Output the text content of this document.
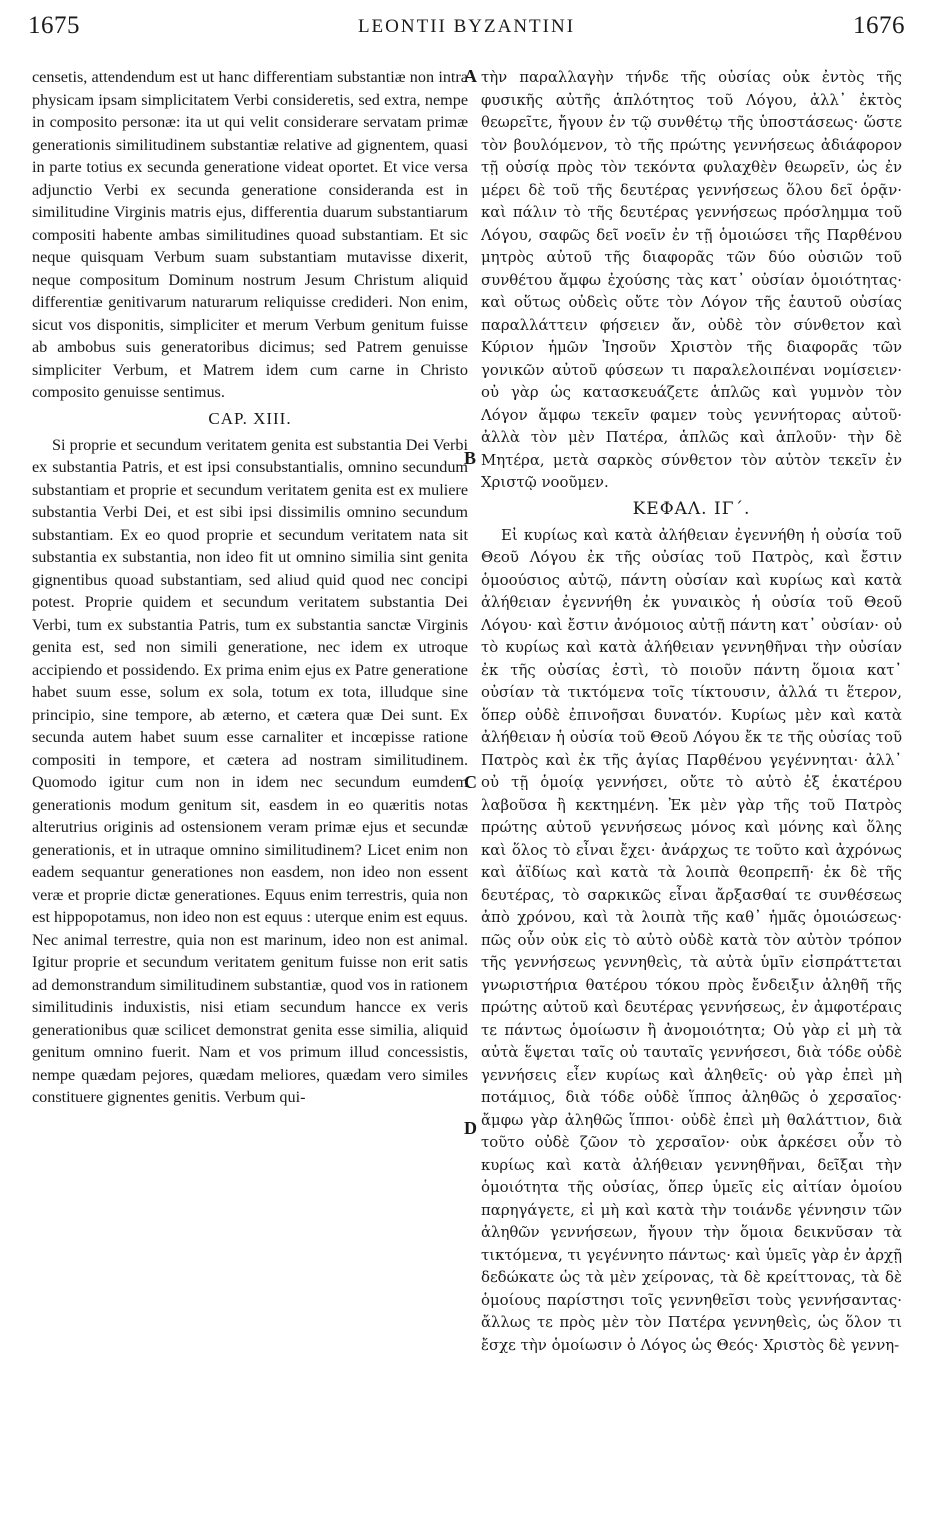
1675	LEONTII BYZANTINI	1676

censetis, attendendum est ut hanc differentiam substantiæ non intra physicam ipsam simplicitatem Verbi consideretis, sed extra, nempe in composito personæ: ita ut qui velit considerare servatam primæ generationis similitudinem substantiæ relative ad gignentem, quasi in parte totius ex secunda generatione videat oportet. Et vice versa adjunctio Verbi ex secunda generatione consideranda est in similitudine Virginis matris ejus, differentia duarum substantiarum compositi habente ambas similitudines quoad substantiam. Et sic neque quisquam Verbum suam substantiam mutavisse dixerit, neque compositum Dominum nostrum Jesum Christum aliquid differentiæ genitivarum naturarum reliquisse credideri. Non enim, sicut vos disponitis, simpliciter et merum Verbum genitum fuisse ab ambobus suis generatoribus dicimus; sed Patrem genuisse simpliciter Verbum, et Matrem idem cum carne in Christo composito genuisse sentimus.

CAP. XIII.

Si proprie et secundum veritatem genita est substantia Dei Verbi ex substantia Patris, et est ipsi consubstantialis, omnino secundum substantiam et proprie et secundum veritatem genita est ex muliere substantia Verbi Dei, et est sibi ipsi dissimilis omnino secundum substantiam. Ex eo quod proprie et secundum veritatem nata sit substantia ex substantia, non ideo fit ut omnino similia sint genita gignentibus quoad substantiam, sed aliud quid quod nec concipi potest. Proprie quidem et secundum veritatem substantia Dei Verbi, tum ex substantia Patris, tum ex substantia sanctæ Virginis genita est, sed non simili generatione, nec idem ex utroque accipiendo et possidendo. Ex prima enim ejus ex Patre generatione habet suum esse, solum ex sola, totum ex tota, illudque sine principio, sine tempore, ab æterno, et cætera quæ Dei sunt. Ex secunda autem habet suum esse carnaliter et incœpisse ratione compositi in tempore, et cætera ad nostram similitudinem. Quomodo igitur cum non in idem nec secundum eumdem generationis modum genitum sit, easdem in eo quæritis notas alterutrius originis ad ostensionem veram primæ ejus et secundæ generationis, et in utraque omnino similitudinem? Licet enim non eadem sequantur generationes non easdem, non ideo non essent veræ et proprie dictæ generationes. Equus enim terrestris, quia non est hippopotamus, non ideo non est equus : uterque enim est equus. Nec animal terrestre, quia non est marinum, ideo non est animal. Igitur proprie et secundum veritatem genitum fuisse non erit satis ad demonstrandum similitudinem substantiæ, quod vos in rationem similitudinis induxistis, nisi etiam secundum hancce ex veris generationibus quæ scilicet demonstrat genita esse similia, aliquid genitum omnino fuerit. Nam et vos primum illud concessistis, nempe quædam pejores, quædam meliores, quædam vero similes constituere gignentes genitis. Verbum qui-

τὴν παραλλαγὴν τήνδε τῆς οὐσίας οὐκ ἐντὸς τῆς φυσικῆς αὐτῆς ἁπλότητος τοῦ Λόγου, ἀλλ᾽ ἐκτὸς θεωρεῖτε, ἤγουν ἐν τῷ συνθέτῳ τῆς ὑποστάσεως· ὥστε τὸν βουλόμενον, τὸ τῆς πρώτης γεννήσεως ἀδιάφορον τῇ οὐσίᾳ πρὸς τὸν τεκόντα φυλαχθὲν θεωρεῖν, ὡς ἐν μέρει δὲ τοῦ τῆς δευτέρας γεννήσεως ὅλου δεῖ ὁρᾷν· καὶ πάλιν τὸ τῆς δευτέρας γεννήσεως πρόσλημμα τοῦ Λόγου, σαφῶς δεῖ νοεῖν ἐν τῇ ὁμοιώσει τῆς Παρθένου μητρὸς αὐτοῦ τῆς διαφορᾶς τῶν δύο οὐσιῶν τοῦ συνθέτου ἄμφω ἐχούσης τὰς κατ᾽ οὐσίαν ὁμοιότητας· καὶ οὕτως οὐδεὶς οὔτε τὸν Λόγον τῆς ἑαυτοῦ οὐσίας παραλλάττειν φήσειεν ἄν, οὐδὲ τὸν σύνθετον καὶ Κύριον ἡμῶν Ἰησοῦν Χριστὸν τῆς διαφορᾶς τῶν γονικῶν αὐτοῦ φύσεων τι παραλελοιπέναι νομίσειεν· οὐ γὰρ ὡς κατασκευάζετε ἁπλῶς καὶ γυμνὸν τὸν Λόγον ἄμφω τεκεῖν φαμεν τοὺς γεννήτορας αὐτοῦ· ἀλλὰ τὸν μὲν Πατέρα, ἁπλῶς καὶ ἁπλοῦν· τὴν δὲ Μητέρα, μετὰ σαρκὸς σύνθετον τὸν αὐτὸν τεκεῖν ἐν Χριστῷ νοοῦμεν.

ΚΕΦΑΛ. ΙΓ΄.

Εἰ κυρίως καὶ κατὰ ἀλήθειαν ἐγεννήθη ἡ οὐσία τοῦ Θεοῦ Λόγου ἐκ τῆς οὐσίας τοῦ Πατρὸς, καὶ ἔστιν ὁμοούσιος αὐτῷ, πάντη οὐσίαν καὶ κυρίως καὶ κατὰ ἀλήθειαν ἐγεννήθη ἐκ γυναικὸς ἡ οὐσία τοῦ Θεοῦ Λόγου· καὶ ἔστιν ἀνόμοιος αὐτῇ πάντη κατ᾽ οὐσίαν· οὐ τὸ κυρίως καὶ κατὰ ἀλήθειαν γεννηθῆναι τὴν οὐσίαν ἐκ τῆς οὐσίας ἐστὶ, τὸ ποιοῦν πάντη ὅμοια κατ᾽ οὐσίαν τὰ τικτόμενα τοῖς τίκτουσιν, ἀλλά τι ἕτερον, ὅπερ οὐδὲ ἐπινοῆσαι δυνατόν. Κυρίως μὲν καὶ κατὰ ἀλήθειαν ἡ οὐσία τοῦ Θεοῦ Λόγου ἔκ τε τῆς οὐσίας τοῦ Πατρὸς καὶ ἐκ τῆς ἁγίας Παρθένου γεγέννηται· ἀλλ᾽ οὐ τῇ ὁμοίᾳ γεννήσει, οὔτε τὸ αὐτὸ ἐξ ἑκατέρου λαβοῦσα ἢ κεκτημένη. Ἐκ μὲν γὰρ τῆς τοῦ Πατρὸς πρώτης αὐτοῦ γεννήσεως μόνος καὶ μόνης καὶ ὅλης καὶ ὅλος τὸ εἶναι ἔχει· ἀνάρχως τε τοῦτο καὶ ἀχρόνως καὶ ἀϊδίως καὶ κατὰ τὰ λοιπὰ θεοπρεπῆ· ἐκ δὲ τῆς δευτέρας, τὸ σαρκικῶς εἶναι ἄρξασθαί τε συνθέσεως ἀπὸ χρόνου, καὶ τὰ λοιπὰ τῆς καθ᾽ ἡμᾶς ὁμοιώσεως· πῶς οὖν οὐκ εἰς τὸ αὐτὸ οὐδὲ κατὰ τὸν αὐτὸν τρόπον τῆς γεννήσεως γεννηθεὶς, τὰ αὐτὰ ὑμῖν εἰσπράττεται γνωριστήρια θατέρου τόκου πρὸς ἔνδειξιν ἀληθῆ τῆς πρώτης αὐτοῦ καὶ δευτέρας γεννήσεως, ἐν ἀμφοτέραις τε πάντως ὁμοίωσιν ἢ ἀνομοιότητα; Οὐ γὰρ εἰ μὴ τὰ αὐτὰ ἕψεται ταῖς οὐ ταυταῖς γεννήσεσι, διὰ τόδε οὐδὲ γεννήσεις εἶεν κυρίως καὶ ἀληθεῖς· οὐ γὰρ ἐπεὶ μὴ ποτάμιος, διὰ τόδε οὐδὲ ἵππος ἀληθῶς ὁ χερσαῖος· ἄμφω γὰρ ἀληθῶς ἵπποι· οὐδὲ ἐπεὶ μὴ θαλάττιον, διὰ τοῦτο οὐδὲ ζῶον τὸ χερσαῖον· οὐκ ἀρκέσει οὖν τὸ κυρίως καὶ κατὰ ἀλήθειαν γεννηθῆναι, δεῖξαι τὴν ὁμοιότητα τῆς οὐσίας, ὅπερ ὑμεῖς εἰς αἰτίαν ὁμοίου παρηγάγετε, εἰ μὴ καὶ κατὰ τὴν τοιάνδε γέννησιν τῶν ἀληθῶν γεννήσεων, ἤγουν τὴν ὅμοια δεικνῦσαν τὰ τικτόμενα, τι γεγέννητο πάντως· καὶ ὑμεῖς γὰρ ἐν ἀρχῇ δεδώκατε ὡς τὰ μὲν χείρονας, τὰ δὲ κρείττονας, τὰ δὲ ὁμοίους παρίστησι τοῖς γεννηθεῖσι τοὺς γεννήσαντας· ἄλλως τε πρὸς μὲν τὸν Πατέρα γεννηθεὶς, ὡς ὅλον τι ἔσχε τὴν ὁμοίωσιν ὁ Λόγος ὡς Θεός· Χριστὸς δὲ γεννη-

A
B
C
D
